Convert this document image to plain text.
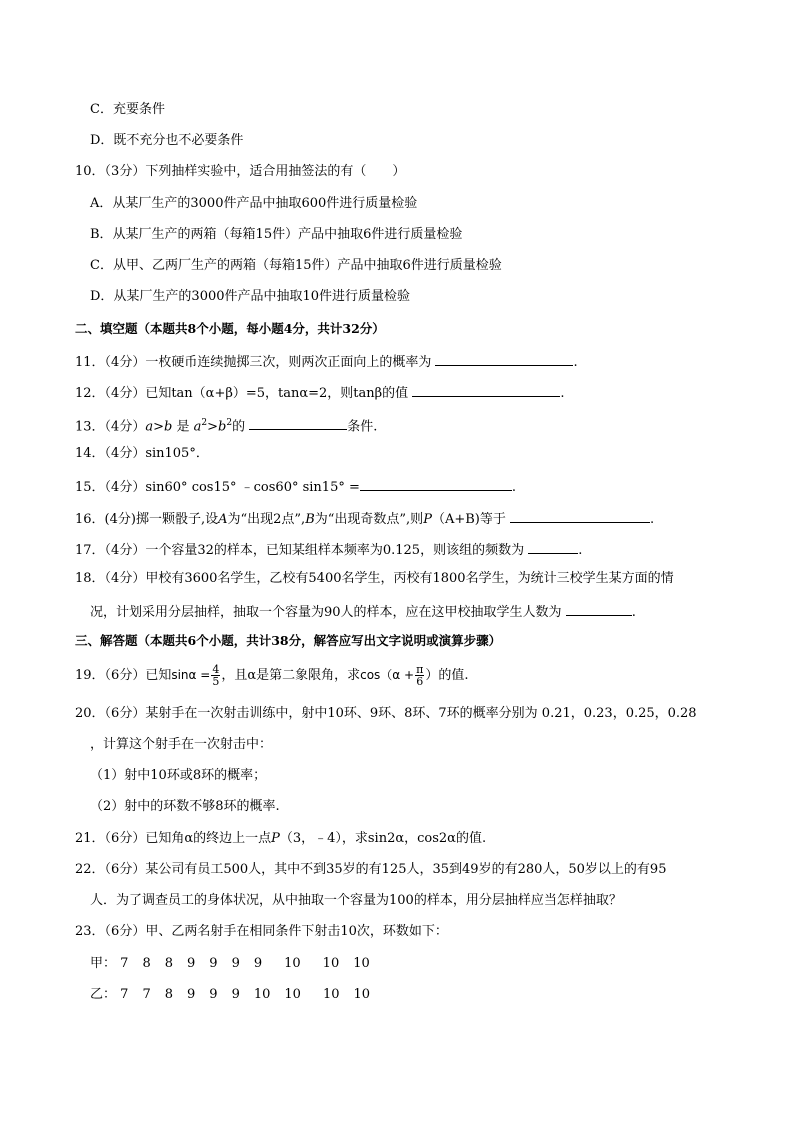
C．充要条件
D．既不充分也不必要条件
10．（3分）下列抽样实验中，适合用抽签法的有（　　）
A．从某厂生产的3000件产品中抽取600件进行质量检验
B．从某厂生产的两箱（每箱15件）产品中抽取6件进行质量检验
C．从甲、乙两厂生产的两箱（每箱15件）产品中抽取6件进行质量检验
D．从某厂生产的3000件产品中抽取10件进行质量检验
二、填空题（本题共8个小题，每小题4分，共计32分）
11．（4分）一枚硬币连续抛掷三次，则两次正面向上的概率为	.
12．（4分）已知tan（α+β）=5，tanα=2，则tanβ的值	.
13．（4分）a>b 是 $a^2>b^2$的	条件.
14．（4分）sin105°．
15．（4分）sin60° cos15° ﹣cos60° sin15° =	.
16．(4分)掷一颗骰子,设A为“出现2点”,B为“出现奇数点”,则P（A+B)等于	.
17．（4分）一个容量32的样本，已知某组样本频率为0.125，则该组的频数为	.
18．（4分）甲校有3600名学生，乙校有5400名学生，丙校有1800名学生，为统计三校学生某方面的情
况，计划采用分层抽样，抽取一个容量为90人的样本，应在这甲校抽取学生人数为	.
三、解答题（本题共6个小题，共计38分，解答应写出文字说明或演算步骤）
19．（6分）已知$\sin\alpha = \frac{4}{5}$ ，且α是第二象限角，求$\cos(\alpha + \frac{\pi}{6}$ ）的值.
20．（6分）某射手在一次射击训练中，射中10环、9环、8环、7环的概率分别为 0.21，0.23，0.25，0.28
，计算这个射手在一次射击中：
（1）射中10环或8环的概率；
（2）射中的环数不够8环的概率.
21．（6分）已知角α的终边上一点P（3，﹣4），求sin2α，cos2α的值.
22．（6分）某公司有员工500人，其中不到35岁的有125人，35到49岁的有280人，50岁以上的有95
人．为了调查员工的身体状况，从中抽取一个容量为100的样本，用分层抽样应当怎样抽取？
23．（6分）甲、乙两名射手在相同条件下射击10次，环数如下：
甲： 7 8 8 9 9 9 9 10 10 10
乙： 7 7 8 9 9 9 10 10 10 10
